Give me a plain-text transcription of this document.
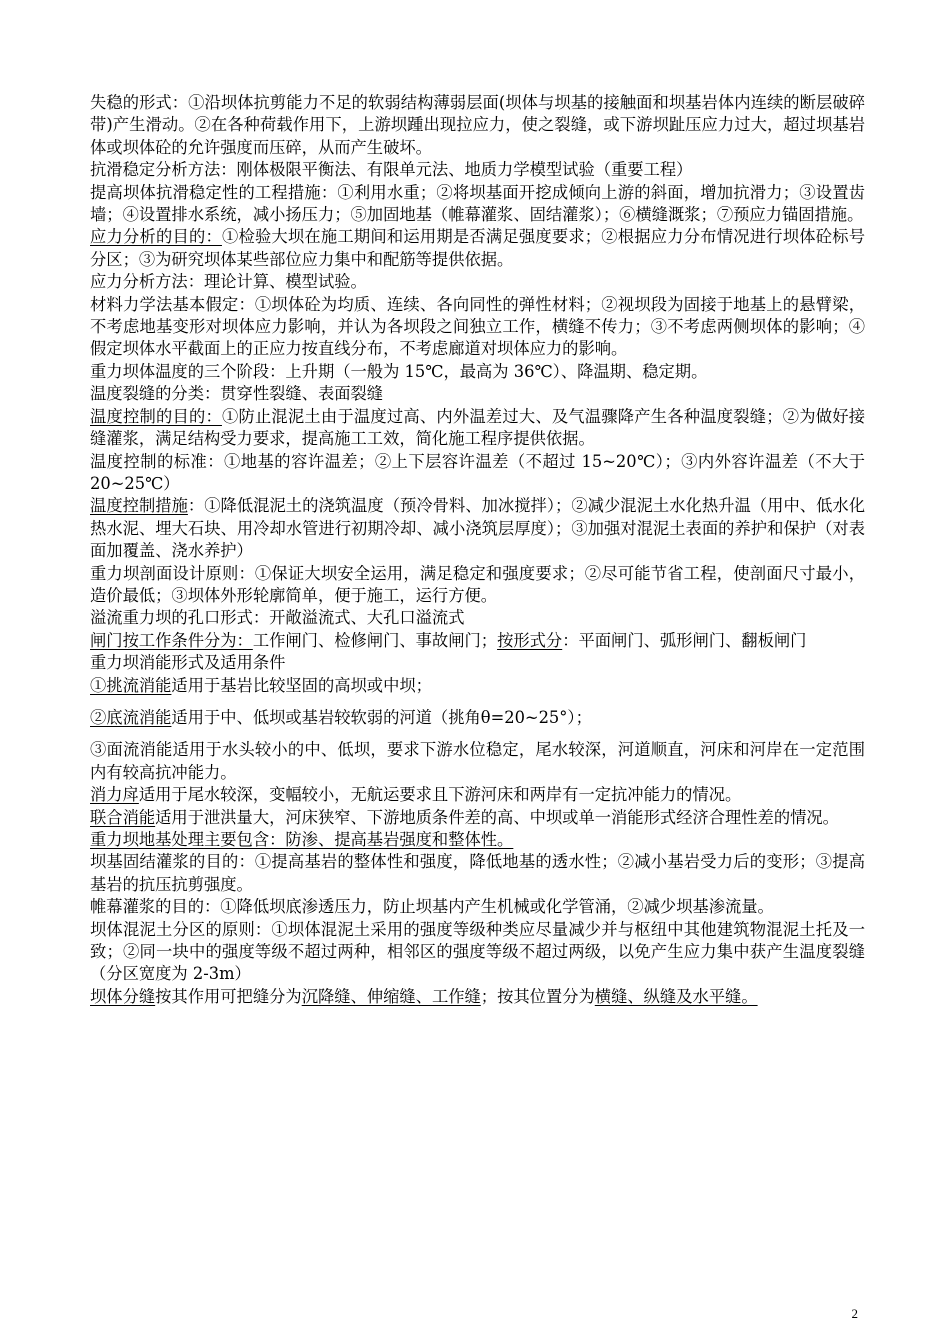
失稳的形式：①沿坝体抗剪能力不足的软弱结构薄弱层面(坝体与坝基的接触面和坝基岩体内连续的断层破碎带)产生滑动。②在各种荷载作用下，上游坝踵出现拉应力，使之裂缝，或下游坝趾压应力过大，超过坝基岩体或坝体砼的允许强度而压碎，从而产生破坏。

抗滑稳定分析方法：刚体极限平衡法、有限单元法、地质力学模型试验（重要工程）

提高坝体抗滑稳定性的工程措施：①利用水重；②将坝基面开挖成倾向上游的斜面，增加抗滑力；③设置齿墙；④设置排水系统，减小扬压力；⑤加固地基（帷幕灌浆、固结灌浆）；⑥横缝溉浆；⑦预应力锚固措施。

应力分析的目的：①检验大坝在施工期间和运用期是否满足强度要求；②根据应力分布情况进行坝体砼标号分区；③为研究坝体某些部位应力集中和配筋等提供依据。

应力分析方法：理论计算、模型试验。

材料力学法基本假定：①坝体砼为均质、连续、各向同性的弹性材料；②视坝段为固接于地基上的悬臂梁，不考虑地基变形对坝体应力影响，并认为各坝段之间独立工作，横缝不传力；③不考虑两侧坝体的影响；④假定坝体水平截面上的正应力按直线分布，不考虑廊道对坝体应力的影响。

重力坝体温度的三个阶段：上升期（一般为 15℃，最高为 36℃）、降温期、稳定期。

温度裂缝的分类：贯穿性裂缝、表面裂缝

温度控制的目的：①防止混泥土由于温度过高、内外温差过大、及气温骤降产生各种温度裂缝；②为做好接缝灌浆，满足结构受力要求，提高施工工效，简化施工程序提供依据。

温度控制的标准：①地基的容许温差；②上下层容许温差（不超过 15~20℃）；③内外容许温差（不大于 20~25℃）

温度控制措施：①降低混泥土的浇筑温度（预冷骨料、加冰搅拌）；②减少混泥土水化热升温（用中、低水化热水泥、埋大石块、用冷却水管进行初期冷却、减小浇筑层厚度）；③加强对混泥土表面的养护和保护（对表面加覆盖、浇水养护）

重力坝剖面设计原则：①保证大坝安全运用，满足稳定和强度要求；②尽可能节省工程，使剖面尺寸最小，造价最低；③坝体外形轮廓简单，便于施工，运行方便。

溢流重力坝的孔口形式：开敞溢流式、大孔口溢流式

闸门按工作条件分为：工作闸门、检修闸门、事故闸门；按形式分：平面闸门、弧形闸门、翻板闸门

重力坝消能形式及适用条件

①挑流消能适用于基岩比较坚固的高坝或中坝；

②底流消能适用于中、低坝或基岩较软弱的河道（挑角θ=20~25°）；

③面流消能适用于水头较小的中、低坝，要求下游水位稳定，尾水较深，河道顺直，河床和河岸在一定范围内有较高抗冲能力。

消力戽适用于尾水较深，变幅较小，无航运要求且下游河床和两岸有一定抗冲能力的情况。

联合消能适用于泄洪量大，河床狭窄、下游地质条件差的高、中坝或单一消能形式经济合理性差的情况。

重力坝地基处理主要包含：防渗、提高基岩强度和整体性。

坝基固结灌浆的目的：①提高基岩的整体性和强度，降低地基的透水性；②减小基岩受力后的变形；③提高基岩的抗压抗剪强度。

帷幕灌浆的目的：①降低坝底渗透压力，防止坝基内产生机械或化学管涌，②减少坝基渗流量。

坝体混泥土分区的原则：①坝体混泥土采用的强度等级种类应尽量减少并与枢纽中其他建筑物混泥土托及一致；②同一块中的强度等级不超过两种，相邻区的强度等级不超过两级，以免产生应力集中获产生温度裂缝（分区宽度为 2-3m）

坝体分缝按其作用可把缝分为沉降缝、伸缩缝、工作缝；按其位置分为横缝、纵缝及水平缝。

2
